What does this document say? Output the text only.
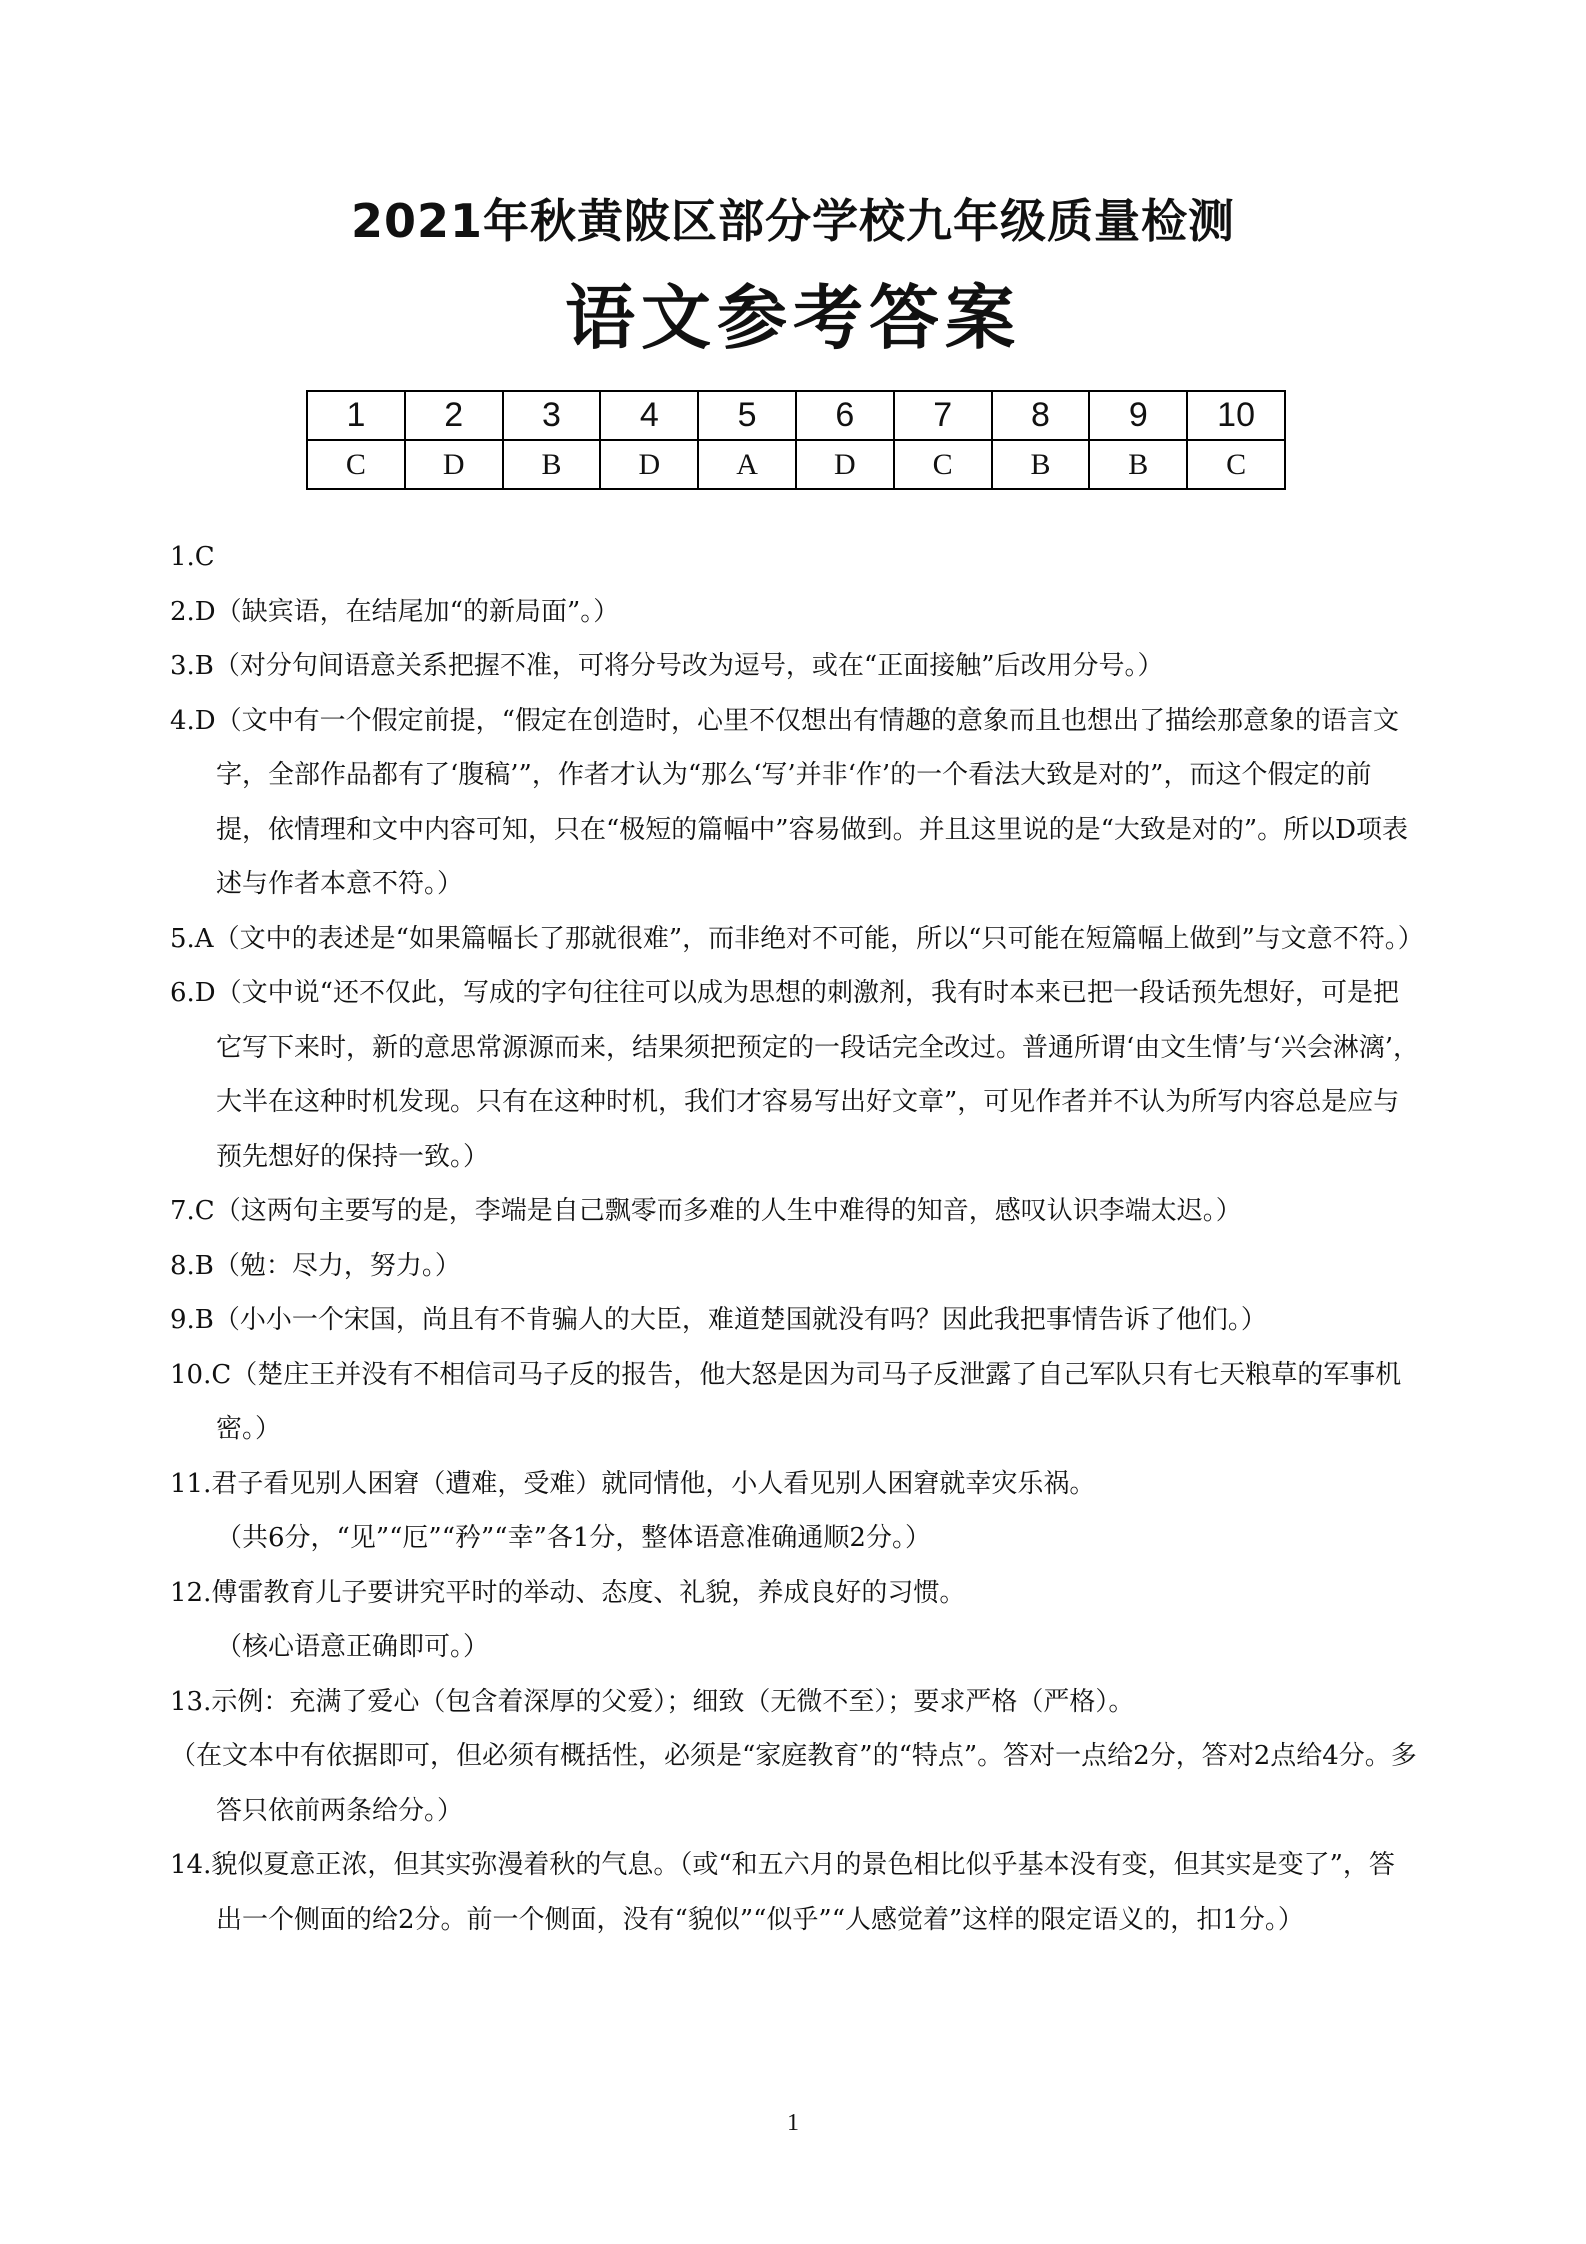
2021年秋黄陂区部分学校九年级质量检测
语文参考答案
1	2	3	4	5	6	7	8	9	10
C	D	B	D	A	D	C	B	B	C

1.C

2.D（缺宾语，在结尾加“的新局面”。）

3.B（对分句间语意关系把握不准，可将分号改为逗号，或在“正面接触”后改用分号。）

4.D（文中有一个假定前提，“假定在创造时，心里不仅想出有情趣的意象而且也想出了描绘那意象的语言文字，全部作品都有了‘腹稿’”，作者才认为“那么‘写’并非‘作’的一个看法大致是对的”，而这个假定的前提，依情理和文中内容可知，只在“极短的篇幅中”容易做到。并且这里说的是“大致是对的”。所以D项表述与作者本意不符。）

5.A（文中的表述是“如果篇幅长了那就很难”，而非绝对不可能，所以“只可能在短篇幅上做到”与文意不符。）

6.D（文中说“还不仅此，写成的字句往往可以成为思想的刺激剂，我有时本来已把一段话预先想好，可是把它写下来时，新的意思常源源而来，结果须把预定的一段话完全改过。普通所谓‘由文生情’与‘兴会淋漓’，大半在这种时机发现。只有在这种时机，我们才容易写出好文章”，可见作者并不认为所写内容总是应与预先想好的保持一致。）

7.C（这两句主要写的是，李端是自己飘零而多难的人生中难得的知音，感叹认识李端太迟。）

8.B（勉：尽力，努力。）

9.B（小小一个宋国，尚且有不肯骗人的大臣，难道楚国就没有吗？因此我把事情告诉了他们。）

10.C（楚庄王并没有不相信司马子反的报告，他大怒是因为司马子反泄露了自己军队只有七天粮草的军事机密。）

11.君子看见别人困窘（遭难，受难）就同情他，小人看见别人困窘就幸灾乐祸。
（共6分，“见”“厄”“矜”“幸”各1分，整体语意准确通顺2分。）

12.傅雷教育儿子要讲究平时的举动、态度、礼貌，养成良好的习惯。
（核心语意正确即可。）

13.示例：充满了爱心（包含着深厚的父爱）；细致（无微不至）；要求严格（严格）。
（在文本中有依据即可，但必须有概括性，必须是“家庭教育”的“特点”。答对一点给2分，答对2点给4分。多答只依前两条给分。）

14.貌似夏意正浓，但其实弥漫着秋的气息。（或“和五六月的景色相比似乎基本没有变，但其实是变了”，答出一个侧面的给2分。前一个侧面，没有“貌似”“似乎”“人感觉着”这样的限定语义的，扣1分。）

1
